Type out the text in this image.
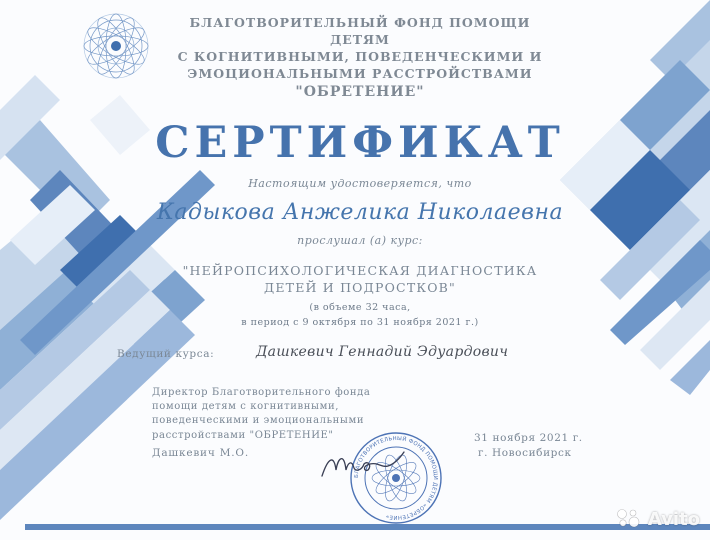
БЛАГОТВОРИТЕЛЬНЫЙ ФОНД ПОМОЩИ ДЕТЯМ
С КОГНИТИВНЫМИ, ПОВЕДЕНЧЕСКИМИ И
ЭМОЦИОНАЛЬНЫМИ РАССТРОЙСТВАМИ
"ОБРЕТЕНИЕ"
СЕРТИФИКАТ
Настоящим удостоверяется, что
Кадыкова Анжелика Николаевна
прослушал (а) курс:
"НЕЙРОПСИХОЛОГИЧЕСКАЯ ДИАГНОСТИКА
ДЕТЕЙ И ПОДРОСТКОВ"
(в объеме 32 часа,
в период с 9 октября по 31 ноября 2021 г.)
Ведущий курса:	Дашкевич Геннадий Эдуардович
Директор Благотворительного фонда
помощи детям с когнитивными,
поведенческими и эмоциональными
расстройствами "ОБРЕТЕНИЕ"
Дашкевич М.О.
БЛАГОТВОРИТЕЛЬНЫЙ ФОНД ПОМОЩИ ДЕТЯМ «ОБРЕТЕНИЕ»
31 ноября 2021 г.
г. Новосибирск
Avito
